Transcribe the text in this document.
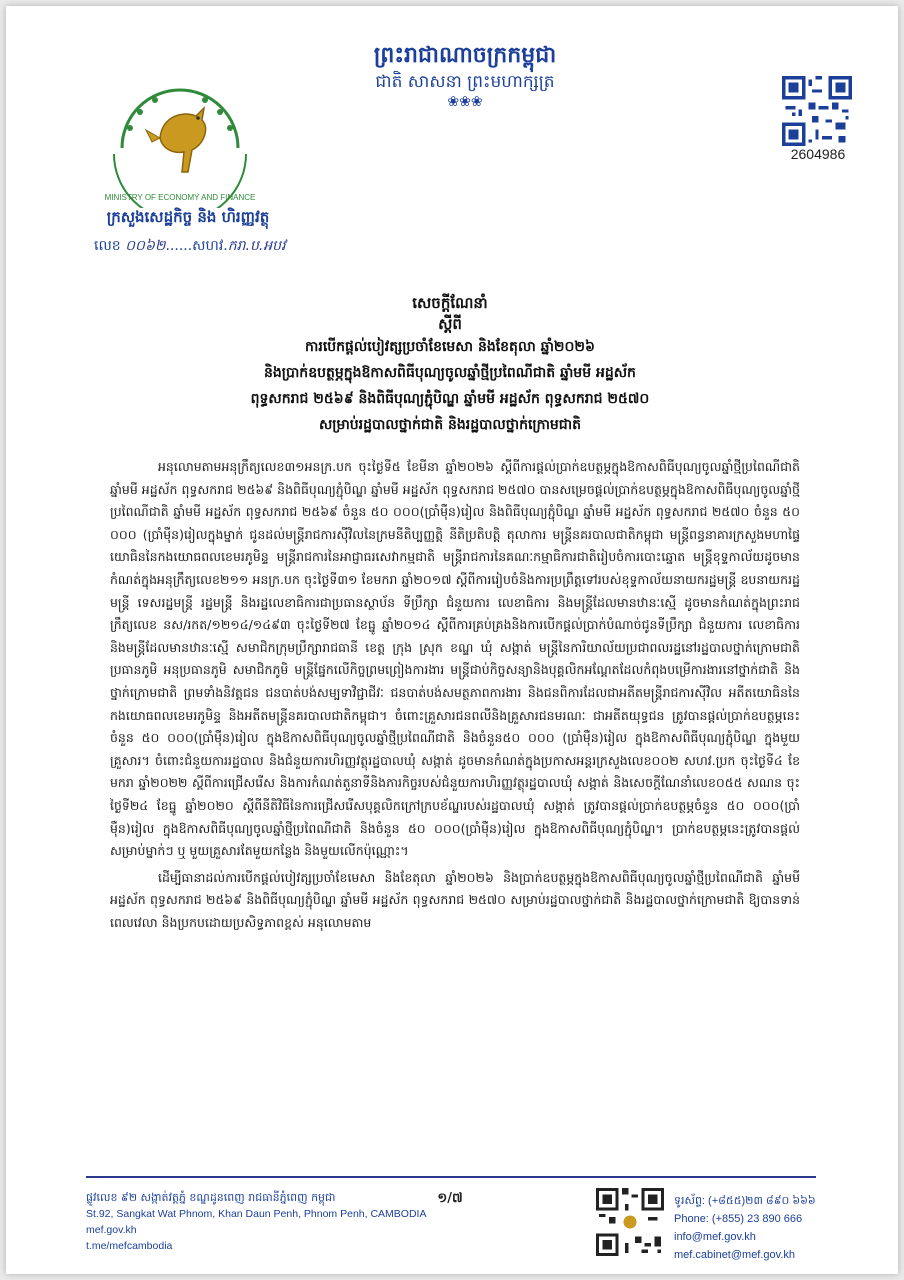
ព្រះរាជាណាចក្រកម្ពុជា
ជាតិ សាសនា ព្រះមហាក្សត្រ
❀❀❀
MINISTRY OF ECONOMY AND FINANCE
ក្រសួងសេដ្ឋកិច្ច និង ហិរញ្ញវត្ថុ
លេខ ០០៦២......សហវ.ករា.ប.អបវ
2604986
សេចក្តីណែនាំ
ស្តីពី
ការបើកផ្តល់បៀវត្សប្រចាំខែមេសា និងខែតុលា ឆ្នាំ២០២៦
និងប្រាក់ឧបត្ថម្ភក្នុងឱកាសពិធីបុណ្យចូលឆ្នាំថ្មីប្រពៃណីជាតិ ឆ្នាំមមី អដ្ឋស័ក
ពុទ្ធសករាជ ២៥៦៩ និងពិធីបុណ្យភ្ជុំបិណ្ឌ ឆ្នាំមមី អដ្ឋស័ក ពុទ្ធសករាជ ២៥៧០
សម្រាប់រដ្ឋបាលថ្នាក់ជាតិ និងរដ្ឋបាលថ្នាក់ក្រោមជាតិ

អនុលោមតាមអនុក្រឹត្យលេខ៣១អនក្រ.បក ចុះថ្ងៃទី៥ ខែមីនា ឆ្នាំ២០២៦ ស្តីពីការផ្តល់ប្រាក់ឧបត្ថម្ភក្នុងឱកាសពិធីបុណ្យចូលឆ្នាំថ្មីប្រពៃណីជាតិ ឆ្នាំមមី អដ្ឋស័ក ពុទ្ធសករាជ ២៥៦៩ និងពិធីបុណ្យភ្ជុំបិណ្ឌ ឆ្នាំមមី អដ្ឋស័ក ពុទ្ធសករាជ ២៥៧០ បានសម្រេចផ្តល់ប្រាក់ឧបត្ថម្ភក្នុងឱកាសពិធីបុណ្យចូលឆ្នាំថ្មីប្រពៃណីជាតិ ឆ្នាំមមី អដ្ឋស័ក ពុទ្ធសករាជ ២៥៦៩ ចំនួន ៥០ ០០០(ប្រាំម៉ឺន)រៀល និងពិធីបុណ្យភ្ជុំបិណ្ឌ ឆ្នាំមមី អដ្ឋស័ក ពុទ្ធសករាជ ២៥៧០ ចំនួន ៥០ ០០០ (ប្រាំម៉ឺន)រៀលក្នុងម្នាក់ ជូនដល់មន្ត្រីរាជការស៊ីវិលនៃក្រមនីតិប្បញ្ញត្តិ នីតិប្រតិបត្តិ តុលាការ មន្ត្រីនគរបាលជាតិកម្ពុជា មន្ត្រីពន្ធនាគារក្រសួងមហាផ្ទៃ យោធិននៃកងយោធពលខេមរភូមិន្ទ មន្ត្រីរាជការនៃអាជ្ញាធរសេវាកម្មជាតិ មន្ត្រីរាជការនៃគណៈកម្មាធិការជាតិរៀបចំការបោះឆ្នោត មន្ត្រីខុទ្ទកាល័យដូចមានកំណត់ក្នុងអនុក្រឹត្យលេខ២១១ អនក្រ.បក ចុះថ្ងៃទី៣១ ខែមករា ឆ្នាំ២០១៧ ស្តីពីការរៀបចំនិងការប្រព្រឹត្តទៅរបស់ខុទ្ទកាល័យនាយករដ្ឋមន្ត្រី ឧបនាយករដ្ឋមន្ត្រី ទេសរដ្ឋមន្ត្រី រដ្ឋមន្ត្រី និងរដ្ឋលេខាធិការជាប្រធានស្ថាប័ន ទីប្រឹក្សា ជំនួយការ លេខាធិការ និងមន្ត្រីដែលមានឋានៈស្មើ ដូចមានកំណត់ក្នុងព្រះរាជក្រឹត្យលេខ នស/រកត/១២១៤/១៤៩៣ ចុះថ្ងៃទី២៧ ខែធ្នូ ឆ្នាំ២០១៤ ស្តីពីការគ្រប់គ្រងនិងការបើកផ្តល់ប្រាក់បំណាច់ជូនទីប្រឹក្សា ជំនួយការ លេខាធិការ និងមន្ត្រីដែលមានឋានៈស្មើ សមាជិកក្រុមប្រឹក្សារាជធានី ខេត្ត ក្រុង ស្រុក ខណ្ឌ ឃុំ សង្កាត់ មន្ត្រីនៃការិយាល័យប្រជាពលរដ្ឋនៅរដ្ឋបាលថ្នាក់ក្រោមជាតិ ប្រធានភូមិ អនុប្រធានភូមិ សមាជិកភូមិ មន្ត្រីផ្នែកលើកិច្ចព្រមព្រៀងការងារ មន្ត្រីជាប់កិច្ចសន្យានិងបុគ្គលិកអណ្តែតដែលកំពុងបម្រើការងារនៅថ្នាក់ជាតិ និងថ្នាក់ក្រោមជាតិ ព្រមទាំងនិវត្តជន ជនបាត់បង់សម្បទាវិជ្ជាជីវៈ ជនបាត់បង់សមត្ថភាពការងារ និងជនពិការដែលជាអតីតមន្ត្រីរាជការស៊ីវិល អតីតយោធិននៃកងយោធពលខេមរភូមិន្ទ និងអតីតមន្ត្រីនគរបាលជាតិកម្ពុជា។ ចំពោះគ្រួសារជនពលីនិងគ្រួសារជនមរណៈ ជាអតីតយុទ្ធជន ត្រូវបានផ្តល់ប្រាក់ឧបត្ថម្ភនេះ ចំនួន ៥០ ០០០(ប្រាំម៉ឺន)រៀល ក្នុងឱកាសពិធីបុណ្យចូលឆ្នាំថ្មីប្រពៃណីជាតិ និងចំនួន៥០ ០០០ (ប្រាំម៉ឺន)រៀល ក្នុងឱកាសពិធីបុណ្យភ្ជុំបិណ្ឌ ក្នុងមួយគ្រួសារ។ ចំពោះជំនួយការរដ្ឋបាល និងជំនួយការហិរញ្ញវត្ថុរដ្ឋបាលឃុំ សង្កាត់ ដូចមានកំណត់ក្នុងប្រកាសអន្តរក្រសួងលេខ០០២ សហវ.ប្រក ចុះថ្ងៃទី៤ ខែមករា ឆ្នាំ២០២២ ស្តីពីការជ្រើសរើស និងការកំណត់តួនាទីនិងភារកិច្ចរបស់ជំនួយការហិរញ្ញវត្ថុរដ្ឋបាលឃុំ សង្កាត់ និងសេចក្តីណែនាំលេខ០៥៥ សណន ចុះថ្ងៃទី២៤ ខែធ្នូ ឆ្នាំ២០២០ ស្តីពីនីតិវិធីនៃការជ្រើសរើសបុគ្គលិកក្រៅក្របខ័ណ្ឌរបស់រដ្ឋបាលឃុំ សង្កាត់ ត្រូវបានផ្តល់ប្រាក់ឧបត្ថម្ភចំនួន ៥០ ០០០(ប្រាំម៉ឺន)រៀល ក្នុងឱកាសពិធីបុណ្យចូលឆ្នាំថ្មីប្រពៃណីជាតិ និងចំនួន ៥០ ០០០(ប្រាំម៉ឺន)រៀល ក្នុងឱកាសពិធីបុណ្យភ្ជុំបិណ្ឌ។ ប្រាក់ឧបត្ថម្ភនេះត្រូវបានផ្តល់សម្រាប់ម្នាក់ៗ ឬ មួយគ្រួសារតែមួយកន្លែង និងមួយលើកប៉ុណ្ណោះ។

ដើម្បីធានាដល់ការបើកផ្តល់បៀវត្សប្រចាំខែមេសា និងខែតុលា ឆ្នាំ២០២៦ និងប្រាក់ឧបត្ថម្ភក្នុងឱកាសពិធីបុណ្យចូលឆ្នាំថ្មីប្រពៃណីជាតិ ឆ្នាំមមី អដ្ឋស័ក ពុទ្ធសករាជ ២៥៦៩ និងពិធីបុណ្យភ្ជុំបិណ្ឌ ឆ្នាំមមី អដ្ឋស័ក ពុទ្ធសករាជ ២៥៧០ សម្រាប់រដ្ឋបាលថ្នាក់ជាតិ និងរដ្ឋបាលថ្នាក់ក្រោមជាតិ ឱ្យបានទាន់ពេលវេលា និងប្រកបដោយប្រសិទ្ធភាពខ្ពស់ អនុលោមតាម

ផ្លូវលេខ ៩២ សង្កាត់វត្តភ្នំ ខណ្ឌដូនពេញ រាជធានីភ្នំពេញ កម្ពុជា
St.92, Sangkat Wat Phnom, Khan Daun Penh, Phnom Penh, CAMBODIA
mef.gov.kh
t.me/mefcambodia
១/៧	ទូរស័ព្ទ: (+៨៥៥)២៣ ៨៩០ ៦៦៦
Phone: (+855) 23 890 666
info@mef.gov.kh
mef.cabinet@mef.gov.kh
